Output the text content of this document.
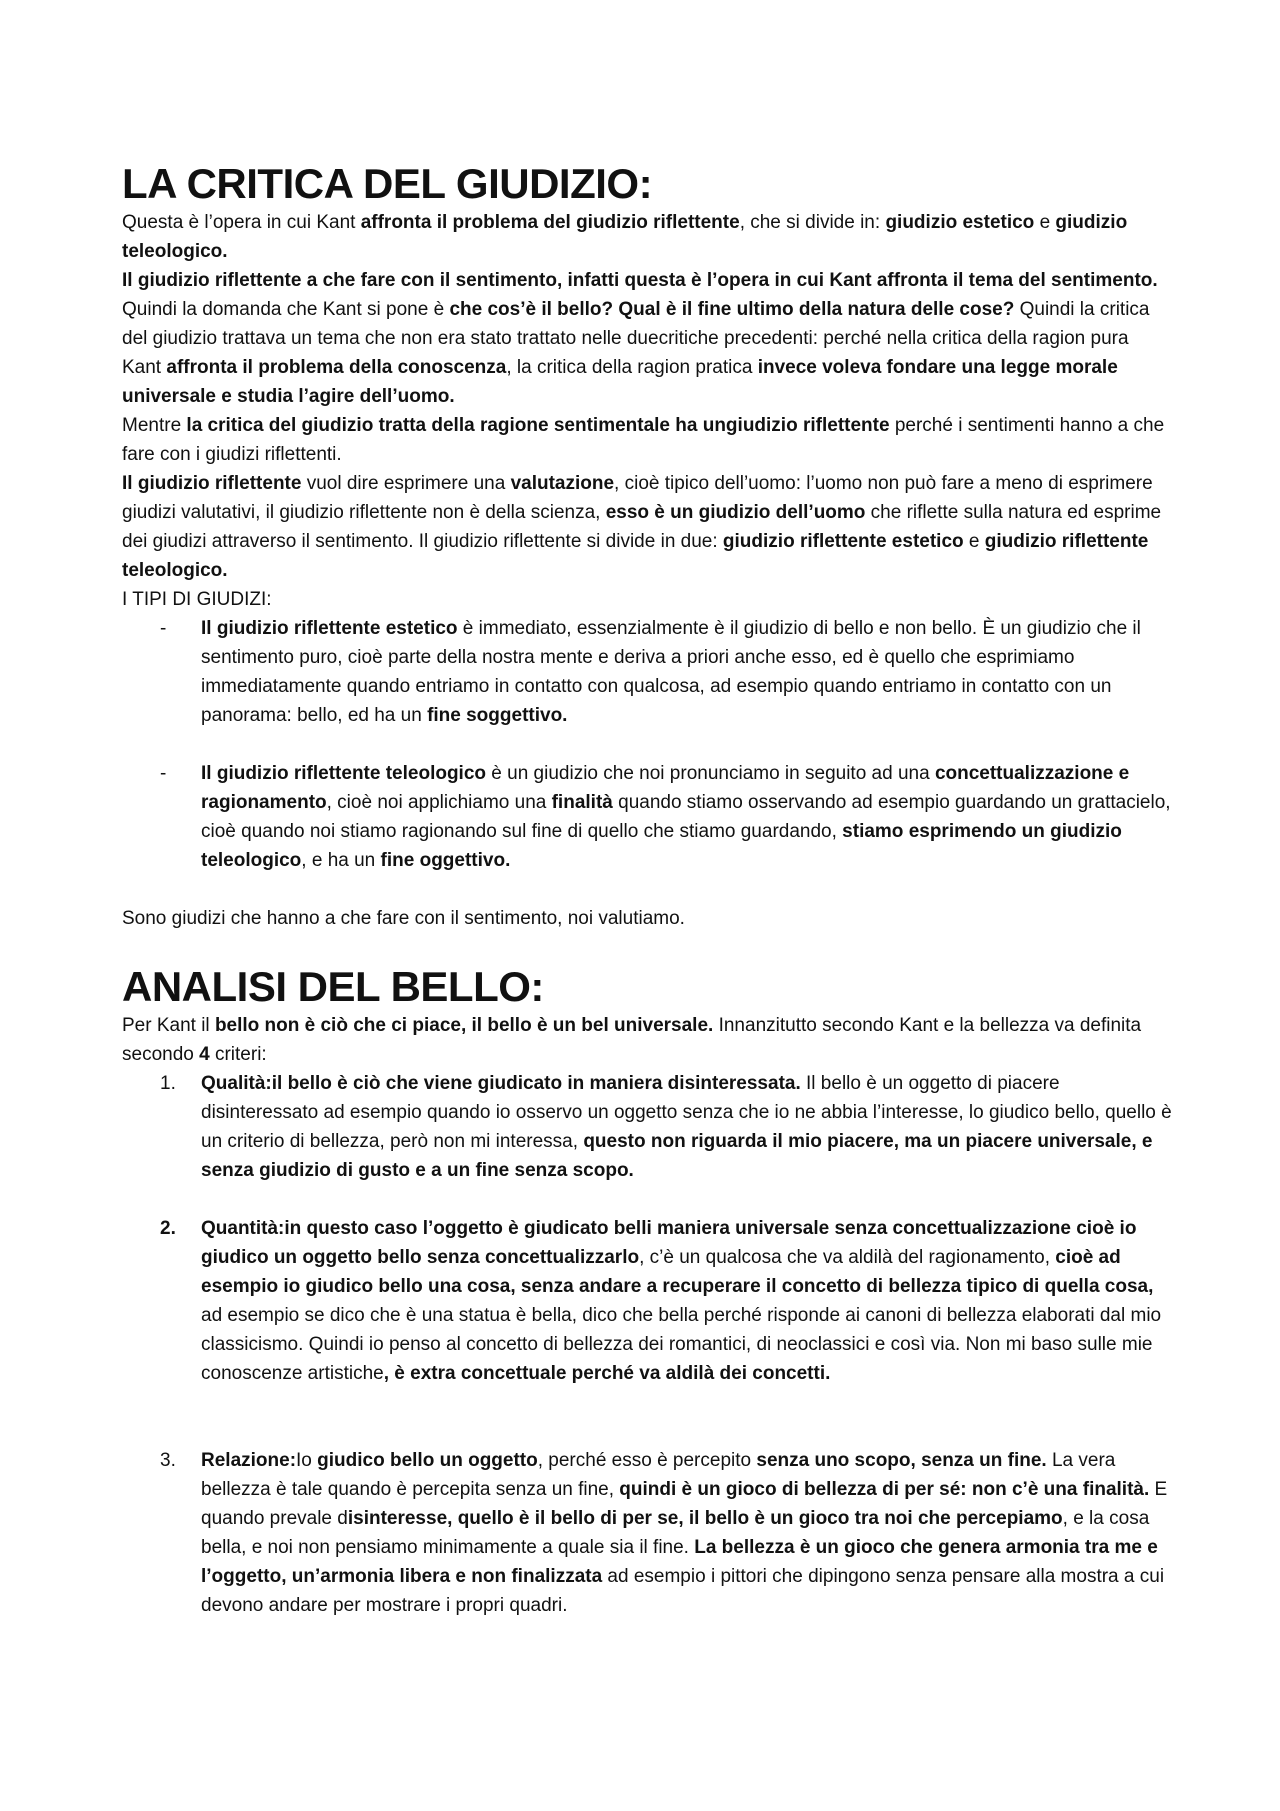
LA CRITICA DEL GIUDIZIO:

Questa è l’opera in cui Kant affronta il problema del giudizio riflettente, che si divide in: giudizio estetico e giudizio teleologico.

Il giudizio riflettente a che fare con il sentimento, infatti questa è l’opera in cui Kant affronta il tema del sentimento. Quindi la domanda che Kant si pone è che cos’è il bello? Qual è il fine ultimo della natura delle cose? Quindi la critica del giudizio trattava un tema che non era stato trattato nelle duecritiche precedenti: perché nella critica della ragion pura Kant affronta il problema della conoscenza, la critica della ragion pratica invece voleva fondare una legge morale universale e studia l’agire dell’uomo.

Mentre la critica del giudizio tratta della ragione sentimentale ha ungiudizio riflettente perché i sentimenti hanno a che fare con i giudizi riflettenti.

Il giudizio riflettente vuol dire esprimere una valutazione, cioè tipico dell’uomo: l’uomo non può fare a meno di esprimere giudizi valutativi, il giudizio riflettente non è della scienza, esso è un giudizio dell’uomo che riflette sulla natura ed esprime dei giudizi attraverso il sentimento. Il giudizio riflettente si divide in due: giudizio riflettente estetico e giudizio riflettente teleologico.

I TIPI DI GIUDIZI:

- Il giudizio riflettente estetico è immediato, essenzialmente è il giudizio di bello e non bello. È un giudizio che il sentimento puro, cioè parte della nostra mente e deriva a priori anche esso, ed è quello che esprimiamo immediatamente quando entriamo in contatto con qualcosa, ad esempio quando entriamo in contatto con un panorama: bello, ed ha un fine soggettivo.
- Il giudizio riflettente teleologico è un giudizio che noi pronunciamo in seguito ad una concettualizzazione e ragionamento, cioè noi applichiamo una finalità quando stiamo osservando ad esempio guardando un grattacielo, cioè quando noi stiamo ragionando sul fine di quello che stiamo guardando, stiamo esprimendo un giudizio teleologico, e ha un fine oggettivo.

Sono giudizi che hanno a che fare con il sentimento, noi valutiamo.

ANALISI DEL BELLO:

Per Kant il bello non è ciò che ci piace, il bello è un bel universale. Innanzitutto secondo Kant e la bellezza va definita secondo 4 criteri:

1. Qualità:il bello è ciò che viene giudicato in maniera disinteressata. Il bello è un oggetto di piacere disinteressato ad esempio quando io osservo un oggetto senza che io ne abbia l’interesse, lo giudico bello, quello è un criterio di bellezza, però non mi interessa, questo non riguarda il mio piacere, ma un piacere universale, e senza giudizio di gusto e a un fine senza scopo.
2. Quantità:in questo caso l’oggetto è giudicato belli maniera universale senza concettualizzazione cioè io giudico un oggetto bello senza concettualizzarlo, c’è un qualcosa che va aldilà del ragionamento, cioè ad esempio io giudico bello una cosa, senza andare a recuperare il concetto di bellezza tipico di quella cosa, ad esempio se dico che è una statua è bella, dico che bella perché risponde ai canoni di bellezza elaborati dal mio classicismo. Quindi io penso al concetto di bellezza dei romantici, di neoclassici e così via. Non mi baso sulle mie conoscenze artistiche, è extra concettuale perché va aldilà dei concetti.
3. Relazione:Io giudico bello un oggetto, perché esso è percepito senza uno scopo, senza un fine. La vera bellezza è tale quando è percepita senza un fine, quindi è un gioco di bellezza di per sé: non c’è una finalità. E quando prevale disinteresse, quello è il bello di per se, il bello è un gioco tra noi che percepiamo, e la cosa bella, e noi non pensiamo minimamente a quale sia il fine. La bellezza è un gioco che genera armonia tra me e l’oggetto, un’armonia libera e non finalizzata ad esempio i pittori che dipingono senza pensare alla mostra a cui devono andare per mostrare i propri quadri.
